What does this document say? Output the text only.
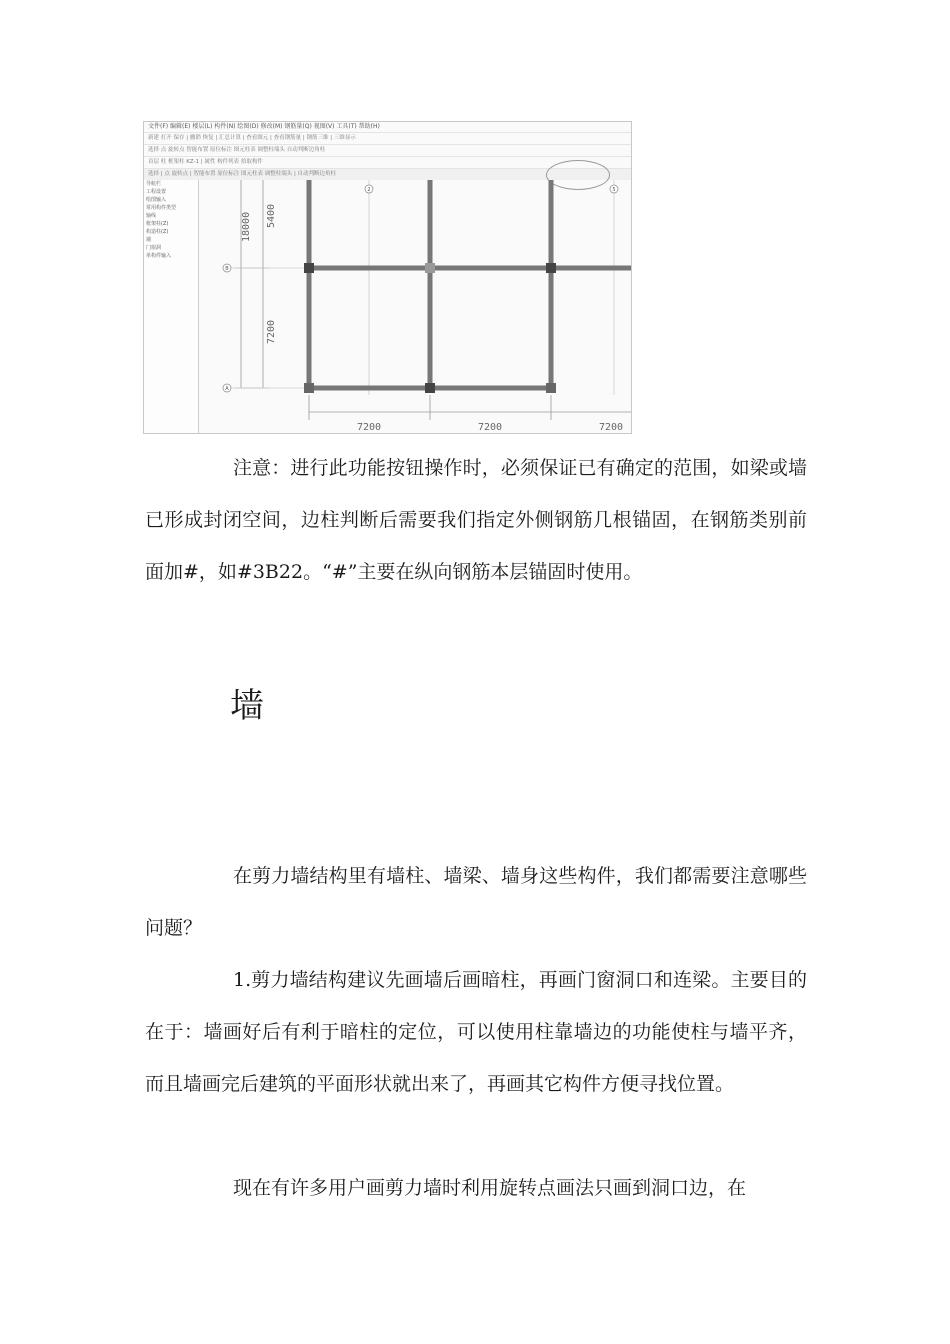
文件(F) 编辑(E) 楼层(L) 构件(N) 绘图(D) 修改(M) 钢筋量(Q) 视图(V) 工具(T) 帮助(H)
新建 打开 保存 | 撤销 恢复 | 汇总计算 | 查看图元 | 查看钢筋量 | 钢筋三维 | 三维显示
选择 点 旋转点 智能布置 原位标注 图元柱表 调整柱端头 自动判断边角柱
首层 柱 框架柱 KZ-1 | 属性 构件列表 拾取构件
选择 | 点 旋转点 | 智能布置 原位标注 图元柱表 调整柱端头 | 自动判断边角柱
导航栏
工程设置
绘图输入
常用构件类型
轴线
框架柱(Z)
构造柱(Z)
墙
门窗洞
单构件输入
2	5
B
A
18000 5400
7200
7200	7200	7200

注意：进行此功能按钮操作时，必须保证已有确定的范围，如梁或墙已形成封闭空间，边柱判断后需要我们指定外侧钢筋几根锚固，在钢筋类别前面加#，如#3B22。“#”主要在纵向钢筋本层锚固时使用。

墙

在剪力墙结构里有墙柱、墙梁、墙身这些构件，我们都需要注意哪些问题？

1.剪力墙结构建议先画墙后画暗柱，再画门窗洞口和连梁。主要目的在于：墙画好后有利于暗柱的定位，可以使用柱靠墙边的功能使柱与墙平齐，而且墙画完后建筑的平面形状就出来了，再画其它构件方便寻找位置。

现在有许多用户画剪力墙时利用旋转点画法只画到洞口边，在
